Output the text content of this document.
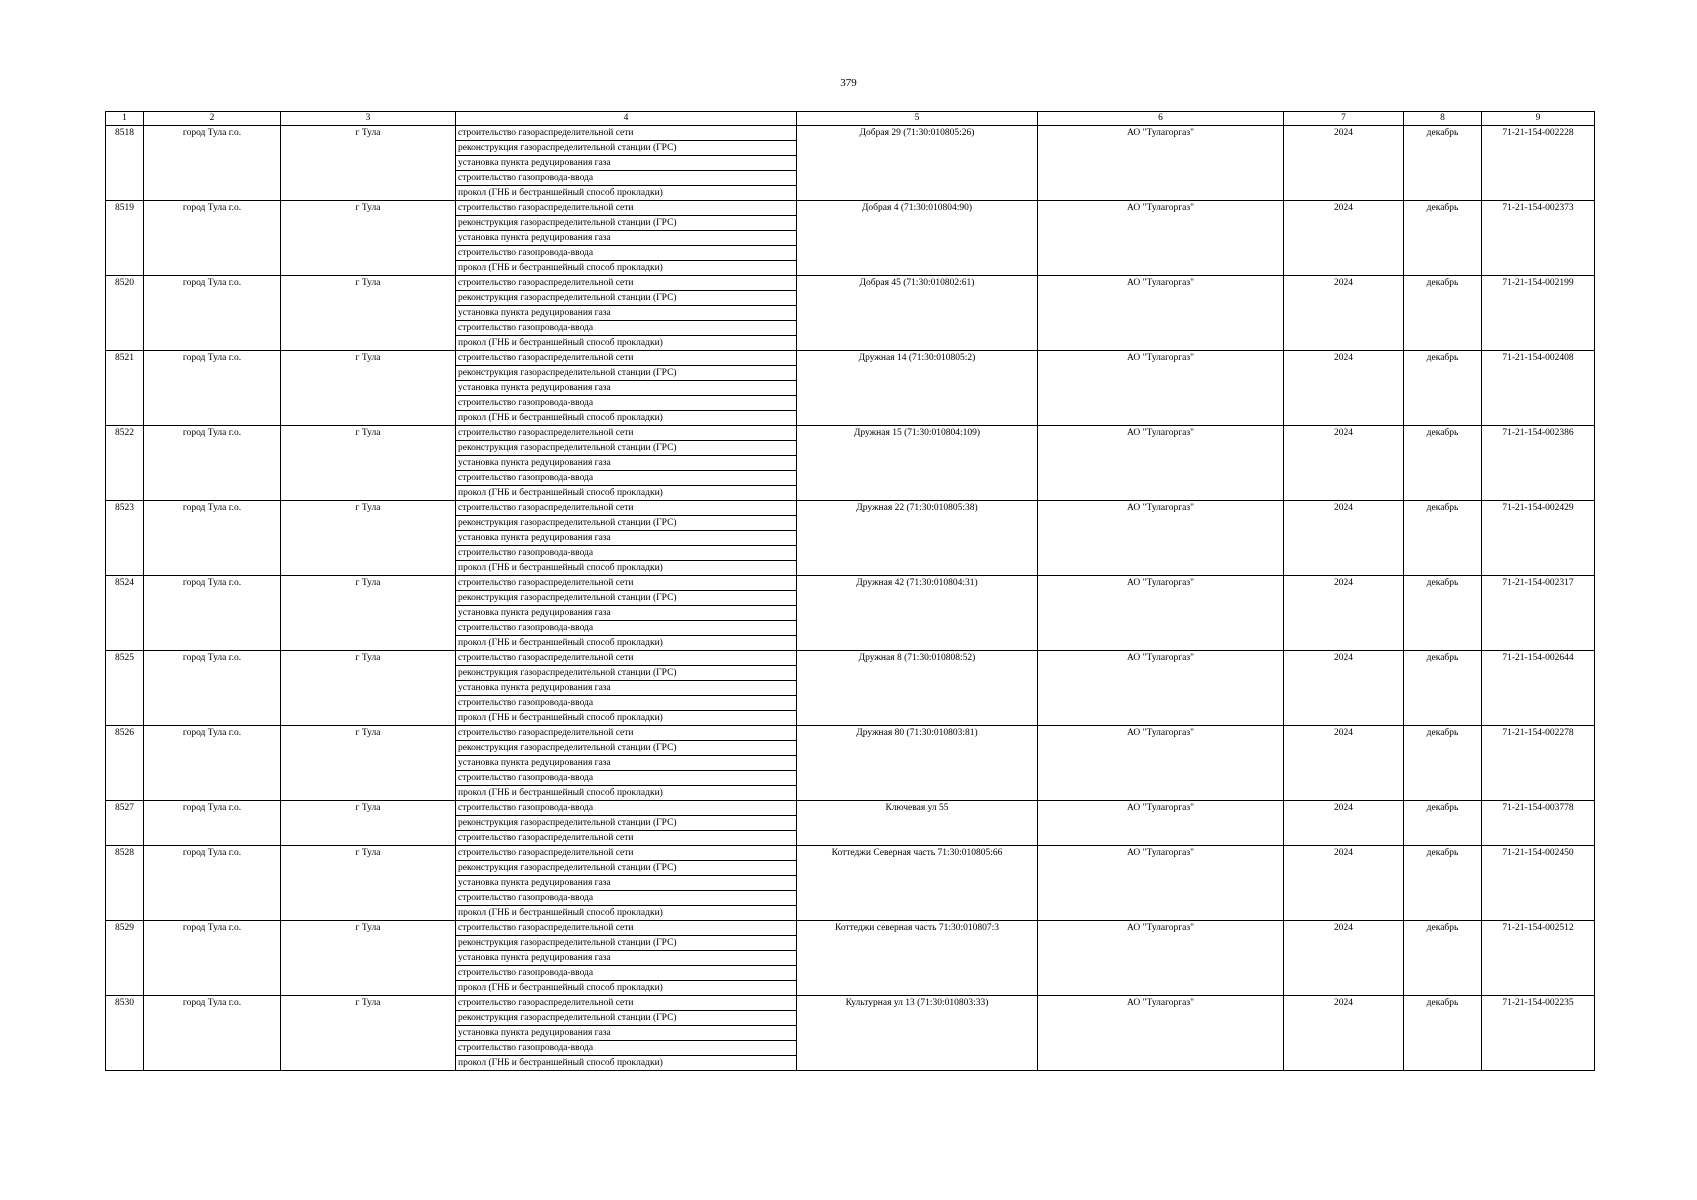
379
1	2	3	4	5	6	7	8	9
8518	город Тула г.о.	г Тула	строительство газораспределительной сети	Добрая 29 (71:30:010805:26)	АО "Тулагоргаз"	2024	декабрь	71-21-154-002228
			реконструкция газораспределительной станции (ГРС)					
			установка пункта редуцирования газа					
			строительство газопровода-ввода					
			прокол (ГНБ и бестраншейный способ прокладки)					
8519	город Тула г.о.	г Тула	строительство газораспределительной сети	Добрая 4 (71:30:010804:90)	АО "Тулагоргаз"	2024	декабрь	71-21-154-002373
			реконструкция газораспределительной станции (ГРС)					
			установка пункта редуцирования газа					
			строительство газопровода-ввода					
			прокол (ГНБ и бестраншейный способ прокладки)					
8520	город Тула г.о.	г Тула	строительство газораспределительной сети	Добрая 45 (71:30:010802:61)	АО "Тулагоргаз"	2024	декабрь	71-21-154-002199
			реконструкция газораспределительной станции (ГРС)					
			установка пункта редуцирования газа					
			строительство газопровода-ввода					
			прокол (ГНБ и бестраншейный способ прокладки)					
8521	город Тула г.о.	г Тула	строительство газораспределительной сети	Дружная 14 (71:30:010805:2)	АО "Тулагоргаз"	2024	декабрь	71-21-154-002408
			реконструкция газораспределительной станции (ГРС)					
			установка пункта редуцирования газа					
			строительство газопровода-ввода					
			прокол (ГНБ и бестраншейный способ прокладки)					
8522	город Тула г.о.	г Тула	строительство газораспределительной сети	Дружная 15 (71:30:010804:109)	АО "Тулагоргаз"	2024	декабрь	71-21-154-002386
			реконструкция газораспределительной станции (ГРС)					
			установка пункта редуцирования газа					
			строительство газопровода-ввода					
			прокол (ГНБ и бестраншейный способ прокладки)					
8523	город Тула г.о.	г Тула	строительство газораспределительной сети	Дружная 22 (71:30:010805:38)	АО "Тулагоргаз"	2024	декабрь	71-21-154-002429
			реконструкция газораспределительной станции (ГРС)					
			установка пункта редуцирования газа					
			строительство газопровода-ввода					
			прокол (ГНБ и бестраншейный способ прокладки)					
8524	город Тула г.о.	г Тула	строительство газораспределительной сети	Дружная 42 (71:30:010804:31)	АО "Тулагоргаз"	2024	декабрь	71-21-154-002317
			реконструкция газораспределительной станции (ГРС)					
			установка пункта редуцирования газа					
			строительство газопровода-ввода					
			прокол (ГНБ и бестраншейный способ прокладки)					
8525	город Тула г.о.	г Тула	строительство газораспределительной сети	Дружная 8 (71:30:010808:52)	АО "Тулагоргаз"	2024	декабрь	71-21-154-002644
			реконструкция газораспределительной станции (ГРС)					
			установка пункта редуцирования газа					
			строительство газопровода-ввода					
			прокол (ГНБ и бестраншейный способ прокладки)					
8526	город Тула г.о.	г Тула	строительство газораспределительной сети	Дружная 80 (71:30:010803:81)	АО "Тулагоргаз"	2024	декабрь	71-21-154-002278
			реконструкция газораспределительной станции (ГРС)					
			установка пункта редуцирования газа					
			строительство газопровода-ввода					
			прокол (ГНБ и бестраншейный способ прокладки)					
8527	город Тула г.о.	г Тула	строительство газопровода-ввода	Ключевая ул 55	АО "Тулагоргаз"	2024	декабрь	71-21-154-003778
			реконструкция газораспределительной станции (ГРС)					
			строительство газораспределительной сети					
8528	город Тула г.о.	г Тула	строительство газораспределительной сети	Коттеджи Северная часть 71:30:010805:66	АО "Тулагоргаз"	2024	декабрь	71-21-154-002450
			реконструкция газораспределительной станции (ГРС)					
			установка пункта редуцирования газа					
			строительство газопровода-ввода					
			прокол (ГНБ и бестраншейный способ прокладки)					
8529	город Тула г.о.	г Тула	строительство газораспределительной сети	Коттеджи северная часть 71:30:010807:3	АО "Тулагоргаз"	2024	декабрь	71-21-154-002512
			реконструкция газораспределительной станции (ГРС)					
			установка пункта редуцирования газа					
			строительство газопровода-ввода					
			прокол (ГНБ и бестраншейный способ прокладки)					
8530	город Тула г.о.	г Тула	строительство газораспределительной сети	Культурная ул 13 (71:30:010803:33)	АО "Тулагоргаз"	2024	декабрь	71-21-154-002235
			реконструкция газораспределительной станции (ГРС)					
			установка пункта редуцирования газа					
			строительство газопровода-ввода					
			прокол (ГНБ и бестраншейный способ прокладки)					
